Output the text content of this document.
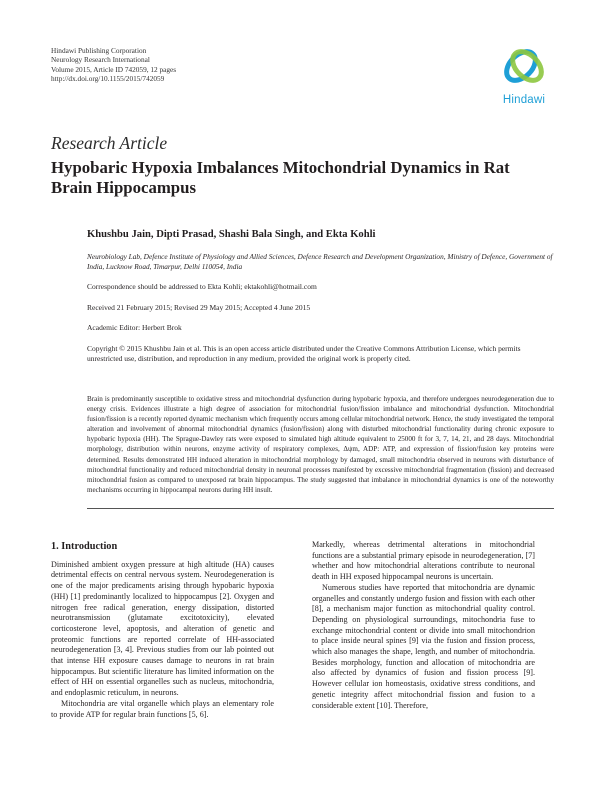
Hindawi Publishing Corporation
Neurology Research International
Volume 2015, Article ID 742059, 12 pages
http://dx.doi.org/10.1155/2015/742059
Hindawi
Research Article
Hypobaric Hypoxia Imbalances Mitochondrial Dynamics in Rat Brain Hippocampus
Khushbu Jain, Dipti Prasad, Shashi Bala Singh, and Ekta Kohli
Neurobiology Lab, Defence Institute of Physiology and Allied Sciences, Defence Research and Development Organization, Ministry of Defence, Government of India, Lucknow Road, Timarpur, Delhi 110054, India
Correspondence should be addressed to Ekta Kohli; ektakohli@hotmail.com
Received 21 February 2015; Revised 29 May 2015; Accepted 4 June 2015
Academic Editor: Herbert Brok
Copyright © 2015 Khushbu Jain et al. This is an open access article distributed under the Creative Commons Attribution License, which permits unrestricted use, distribution, and reproduction in any medium, provided the original work is properly cited.
Brain is predominantly susceptible to oxidative stress and mitochondrial dysfunction during hypobaric hypoxia, and therefore undergoes neurodegeneration due to energy crisis. Evidences illustrate a high degree of association for mitochondrial fusion/fission imbalance and mitochondrial dysfunction. Mitochondrial fusion/fission is a recently reported dynamic mechanism which frequently occurs among cellular mitochondrial network. Hence, the study investigated the temporal alteration and involvement of abnormal mitochondrial dynamics (fusion/fission) along with disturbed mitochondrial functionality during chronic exposure to hypobaric hypoxia (HH). The Sprague-Dawley rats were exposed to simulated high altitude equivalent to 25000 ft for 3, 7, 14, 21, and 28 days. Mitochondrial morphology, distribution within neurons, enzyme activity of respiratory complexes, Δψm, ADP: ATP, and expression of fission/fusion key proteins were determined. Results demonstrated HH induced alteration in mitochondrial morphology by damaged, small mitochondria observed in neurons with disturbance of mitochondrial functionality and reduced mitochondrial density in neuronal processes manifested by excessive mitochondrial fragmentation (fission) and decreased mitochondrial fusion as compared to unexposed rat brain hippocampus. The study suggested that imbalance in mitochondrial dynamics is one of the noteworthy mechanisms occurring in hippocampal neurons during HH insult.
1. Introduction

Diminished ambient oxygen pressure at high altitude (HA) causes detrimental effects on central nervous system. Neurodegeneration is one of the major predicaments arising through hypobaric hypoxia (HH) [1] predominantly localized to hippocampus [2]. Oxygen and nitrogen free radical generation, energy dissipation, distorted neurotransmission (glutamate excitotoxicity), elevated corticosterone level, apoptosis, and alteration of genetic and proteomic functions are reported correlate of HH-associated neurodegeneration [3, 4]. Previous studies from our lab pointed out that intense HH exposure causes damage to neurons in rat brain hippocampus. But scientific literature has limited information on the effect of HH on essential organelles such as nucleus, mitochondria, and endoplasmic reticulum, in neurons.

Mitochondria are vital organelle which plays an elementary role to provide ATP for regular brain functions [5, 6].

Markedly, whereas detrimental alterations in mitochondrial functions are a substantial primary episode in neurodegeneration, [7] whether and how mitochondrial alterations contribute to neuronal death in HH exposed hippocampal neurons is uncertain.

Numerous studies have reported that mitochondria are dynamic organelles and constantly undergo fusion and fission with each other [8], a mechanism major function as mitochondrial quality control. Depending on physiological surroundings, mitochondria fuse to exchange mitochondrial content or divide into small mitochondrion to place inside neural spines [9] via the fusion and fission process, which also manages the shape, length, and number of mitochondria. Besides morphology, function and allocation of mitochondria are also affected by dynamics of fusion and fission process [9]. However cellular ion homeostasis, oxidative stress conditions, and genetic integrity affect mitochondrial fission and fusion to a considerable extent [10]. Therefore,
